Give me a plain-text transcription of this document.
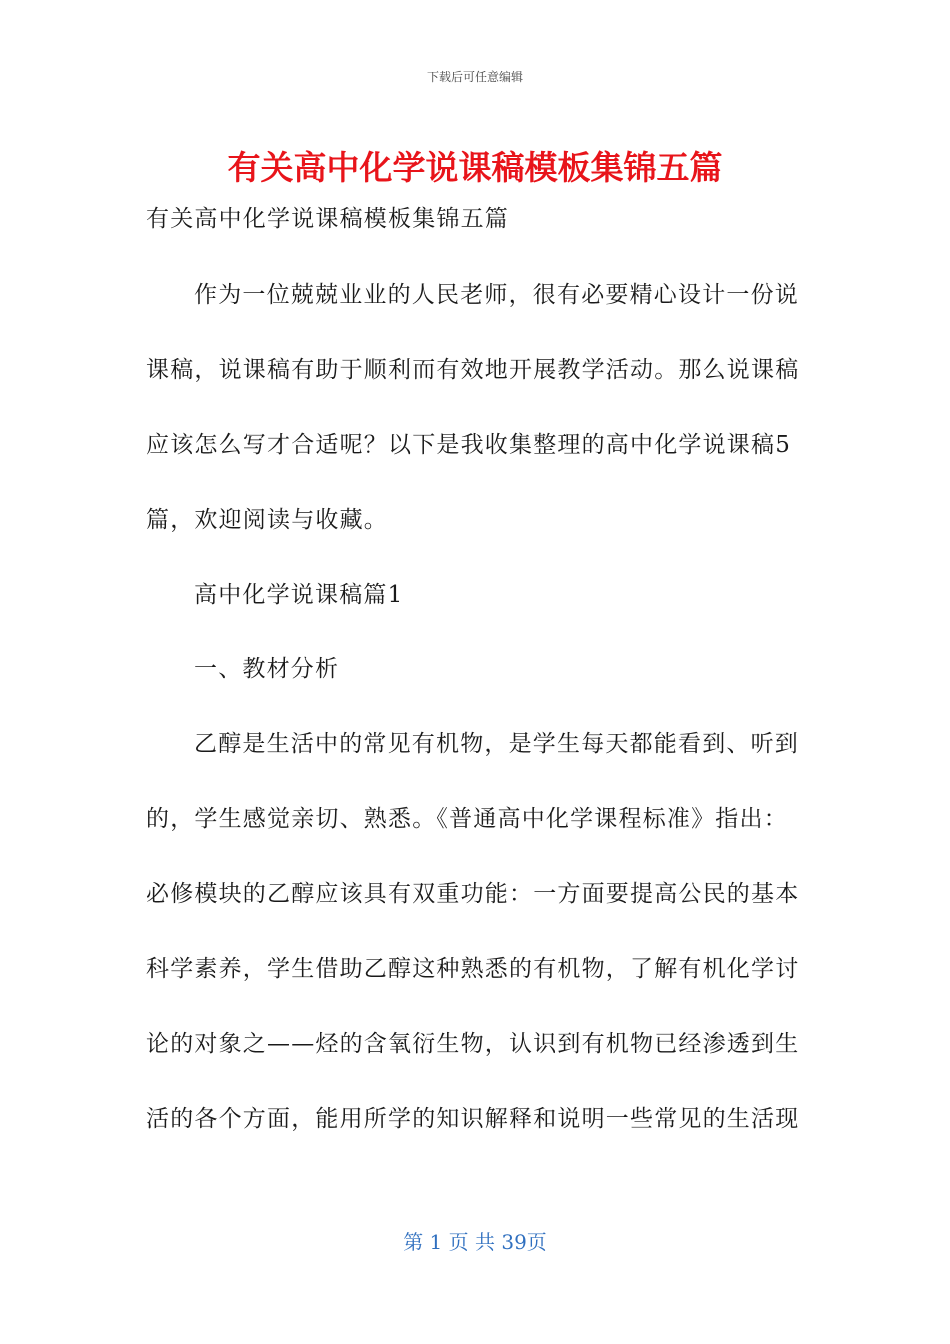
下载后可任意编辑
有关高中化学说课稿模板集锦五篇
有关高中化学说课稿模板集锦五篇
作为一位兢兢业业的人民老师，很有必要精心设计一份说
课稿，说课稿有助于顺利而有效地开展教学活动。那么说课稿
应该怎么写才合适呢？以下是我收集整理的高中化学说课稿5
篇，欢迎阅读与收藏。
高中化学说课稿篇1
一、教材分析
乙醇是生活中的常见有机物，是学生每天都能看到、听到
的，学生感觉亲切、熟悉。《普通高中化学课程标准》指出：
必修模块的乙醇应该具有双重功能：一方面要提高公民的基本
科学素养，学生借助乙醇这种熟悉的有机物，了解有机化学讨
论的对象之——烃的含氧衍生物，认识到有机物已经渗透到生
活的各个方面，能用所学的知识解释和说明一些常见的生活现
第 1 页 共 39页
